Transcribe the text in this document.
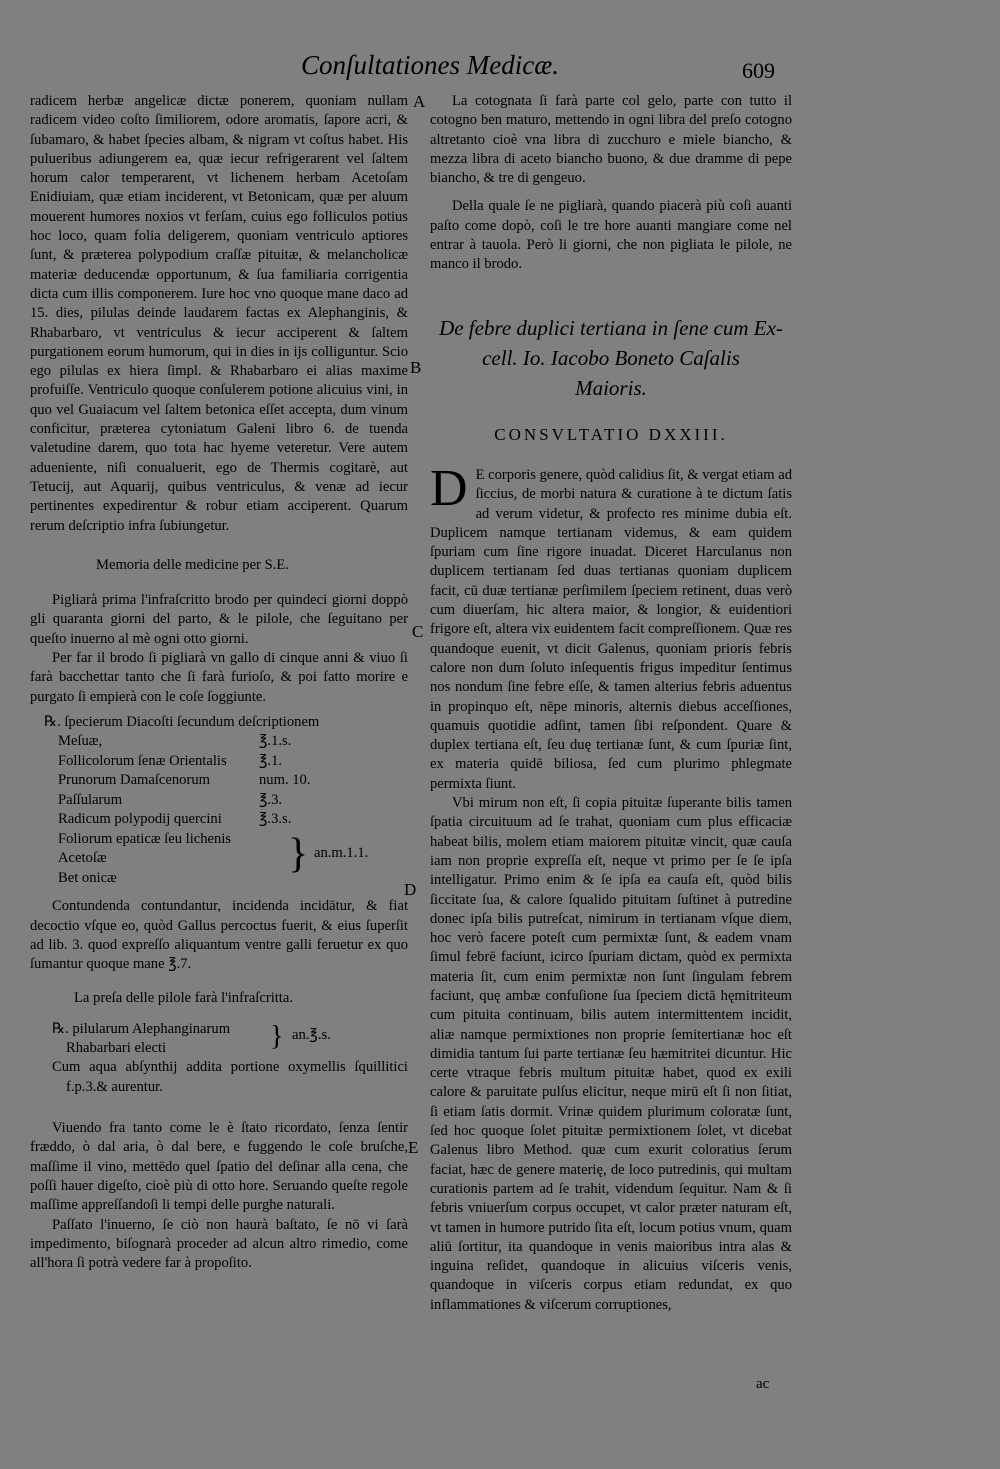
Conſultationes Medicæ.	609
A
B
C
D
E

radicem herbæ angelicæ dictæ ponerem, quoniam nullam radicem video coſto ſimiliorem, odore aromatis, ſapore acri, & ſubamaro, & habet ſpecies albam, & nigram vt coſtus habet. His pulueribus adiungerem ea, quæ iecur refrigerarent vel ſaltem horum calor temperarent, vt lichenem herbam Acetoſam Enidiuiam, quæ etiam inciderent, vt Betonicam, quæ per aluum mouerent humores noxios vt ferſam, cuius ego folliculos potius hoc loco, quam folia deligerem, quoniam ventriculo aptiores ſunt, & præterea polypodium craſſæ pituitæ, & melancholicæ materiæ deducendæ opportunum, & ſua familiaria corrigentia dicta cum illis componerem. Iure hoc vno quoque mane daco ad 15. dies, pilulas deinde laudarem factas ex Alephanginis, & Rhabarbaro, vt ventriculus & iecur acciperent & ſaltem purgationem eorum humorum, qui in dies in ijs colliguntur. Scio ego pilulas ex hiera ſimpl. & Rhabarbaro ei alias maxime profuiſſe. Ventriculo quoque conſulerem potione alicuius vini, in quo vel Guaiacum vel ſaltem betonica eſſet accepta, dum vinum conficitur, præterea cytoniatum Galeni libro 6. de tuenda valetudine darem, quo tota hac hyeme veteretur. Vere autem adueniente, niſi conualuerit, ego de Thermis cogitarè, aut Tetucij, aut Aquarij, quibus ventriculus, & venæ ad iecur pertinentes expedirentur & robur etiam acciperent. Quarum rerum deſcriptio infra ſubiungetur.

Memoria delle medicine per S.E.

Pigliarà prima l'infraſcritto brodo per quindeci giorni doppò gli quaranta giorni del parto, & le pilole, che ſeguitano per queſto inuerno al mè ogni otto giorni.

Per far il brodo ſi pigliarà vn gallo di cinque anni & viuo ſi farà bacchettar tanto che ſi farà furioſo, & poi fatto morire e purgato ſi empierà con le coſe ſoggiunte.

℞. ſpecierum Diacoſti ſecundum deſcriptionem
Meſuæ,	℥.1.s.
Follicolorum ſenæ Orientalis	℥.1.
Prunorum Damaſcenorum	num. 10.
Paſſularum	℥.3.
Radicum polypodij quercini	℥.3.s.
Foliorum epaticæ ſeu lichenis
Acetoſæ
Bet onicæ
} an.m.1.1.

Contundenda contundantur, incidenda incidātur, & fiat decoctio vſque eo, quòd Gallus percoctus fuerit, & eius ſuperſit ad lib. 3. quod expreſſo aliquantum ventre galli feruetur ex quo ſumantur quoque mane ℥.7.

La preſa delle pilole farà l'infraſcritta.

℞. pilularum Alephanginarum
Rhabarbari electi	} an.℥.s.

Cum aqua abſynthij addita portione oxymellis ſquillitici f.p.3.& aurentur.

Viuendo fra tanto come le è ſtato ricordato, ſenza ſentir fræddo, ò dal aria, ò dal bere, e fuggendo le coſe bruſche, maſſime il vino, mettēdo quel ſpatio del deſinar alla cena, che poſſi hauer digeſto, cioè più di otto hore. Seruando queſte regole maſſime appreſſandoſi li tempi delle purghe naturali.

Paſſato l'inuerno, ſe ciò non haurà baſtato, ſe nō vi ſarà impedimento, biſognarà proceder ad alcun altro rimedio, come all'hora ſi potrà vedere far à propoſito.

La cotognata ſi farà parte col gelo, parte con tutto il cotogno ben maturo, mettendo in ogni libra del preſo cotogno altretanto cioè vna libra di zucchuro e miele biancho, & mezza libra di aceto biancho buono, & due dramme di pepe biancho, & tre di gengeuo.

Della quale ſe ne pigliarà, quando piacerà più coſi auanti paſto come dopò, coſi le tre hore auanti mangiare come nel entrar à tauola. Però li giorni, che non pigliata le pilole, ne manco il brodo.

De febre duplici tertiana in ſene cum Ex-
cell. Io. Iacobo Boneto Caſalis
Maioris.

CONSVLTATIO DXXIII.

D E corporis genere, quòd calidius ſit, & vergat etiam ad ſiccius, de morbi natura & curatione à te dictum ſatis ad verum videtur, & profecto res minime dubia eſt. Duplicem namque tertianam videmus, & eam quidem ſpuriam cum ſine rigore inuadat. Diceret Harculanus non duplicem tertianam ſed duas tertianas quoniam duplicem facit, cū duæ tertianæ perſimilem ſpeciem retinent, duas verò cum diuerſam, hic altera maior, & longior, & euidentiori frigore eſt, altera vix euidentem facit compreſſionem. Quæ res quandoque euenit, vt dicit Galenus, quoniam prioris febris calore non dum ſoluto inſequentis frigus impeditur ſentimus nos nondum ſine febre eſſe, & tamen alterius febris aduentus in propinquo eſt, nēpe minoris, alternis diebus acceſſiones, quamuis quotidie adſint, tamen ſibi reſpondent. Quare & duplex tertiana eſt, ſeu duę tertianæ ſunt, & cum ſpuriæ ſint, ex materia quidē biliosa, ſed cum plurimo phlegmate permixta ſiunt.

Vbi mirum non eſt, ſi copia pituitæ ſuperante bilis tamen ſpatia circuituum ad ſe trahat, quoniam cum plus efficaciæ habeat bilis, molem etiam maiorem pituitæ vincit, quæ cauſa iam non proprie expreſſa eſt, neque vt primo per ſe ſe ipſa intelligatur. Primo enim & ſe ipſa ea cauſa eſt, quòd bilis ſiccitate ſua, & calore ſqualido pituitam ſuſtinet à putredine donec ipſa bilis putreſcat, nimirum in tertianam vſque diem, hoc verò facere poteſt cum permixtæ ſunt, & eadem vnam ſimul febrē faciunt, icirco ſpuriam dictam, quòd ex permixta materia ſit, cum enim permixtæ non ſunt ſingulam febrem faciunt, quę ambæ confuſione ſua ſpeciem dictā hęmitriteum cum pituita continuam, bilis autem intermittentem incidit, aliæ namque permixtiones non proprie ſemitertianæ hoc eſt dimidia tantum ſui parte tertianæ ſeu hæmitritei dicuntur. Hic certe vtraque febris multum pituitæ habet, quod ex exili calore & paruitate pulſus elicitur, neque mirū eſt ſi non ſitiat, ſi etiam ſatis dormit. Vrinæ quidem plurimum coloratæ ſunt, ſed hoc quoque ſolet pituitæ permixtionem ſolet, vt dicebat Galenus libro Method. quæ cum exurit coloratius ſerum faciat, hæc de genere materię, de loco putredinis, qui multam curationis partem ad ſe trahit, videndum ſequitur. Nam & ſi febris vniuerſum corpus occupet, vt calor præter naturam eſt, vt tamen in humore putrido ſita eſt, locum potius vnum, quam aliū ſortitur, ita quandoque in venis maioribus intra alas & inguina reſidet, quandoque in alicuius viſceris venis, quandoque in viſceris corpus etiam redundat, ex quo inflammationes & viſcerum corruptiones,

ac
